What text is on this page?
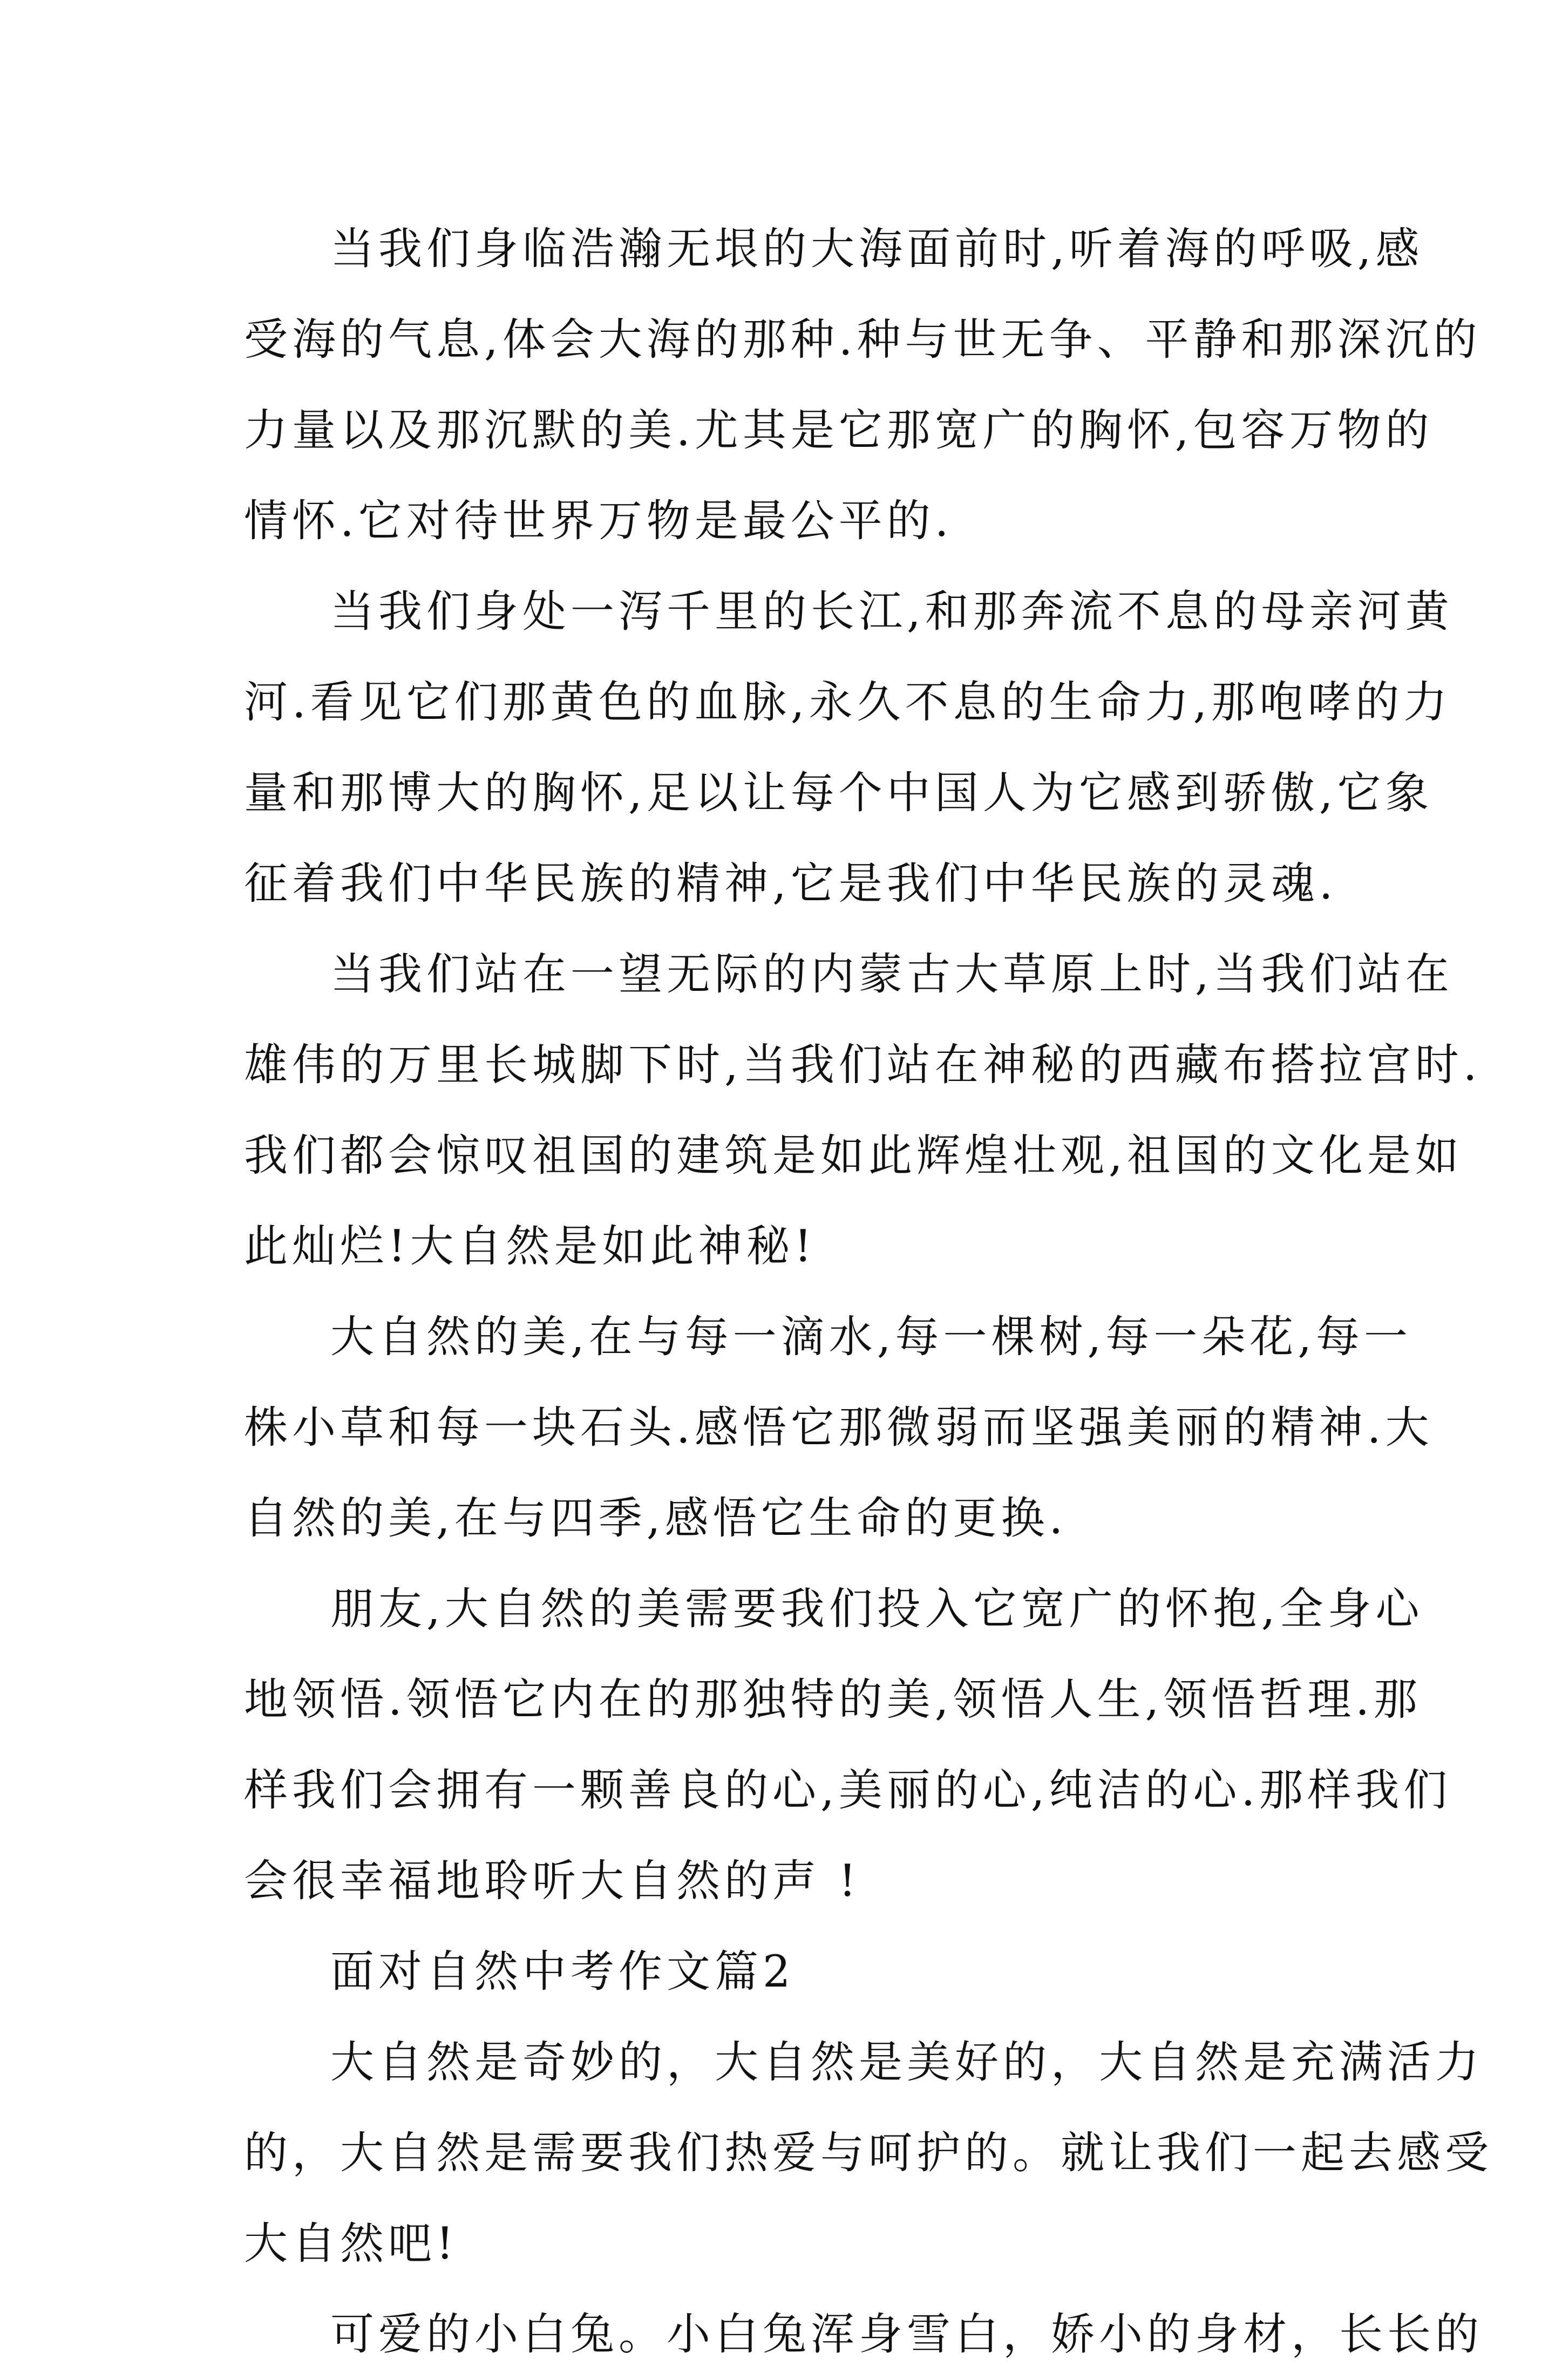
当我们身临浩瀚无垠的大海面前时,听着海的呼吸,感
受海的气息,体会大海的那种.种与世无争、平静和那深沉的
力量以及那沉默的美.尤其是它那宽广的胸怀,包容万物的
情怀.它对待世界万物是最公平的.
当我们身处一泻千里的长江,和那奔流不息的母亲河黄
河.看见它们那黄色的血脉,永久不息的生命力,那咆哮的力
量和那博大的胸怀,足以让每个中国人为它感到骄傲,它象
征着我们中华民族的精神,它是我们中华民族的灵魂.
当我们站在一望无际的内蒙古大草原上时,当我们站在
雄伟的万里长城脚下时,当我们站在神秘的西藏布搭拉宫时.
我们都会惊叹祖国的建筑是如此辉煌壮观,祖国的文化是如
此灿烂!大自然是如此神秘!
大自然的美,在与每一滴水,每一棵树,每一朵花,每一
株小草和每一块石头.感悟它那微弱而坚强美丽的精神.大
自然的美,在与四季,感悟它生命的更换.
朋友,大自然的美需要我们投入它宽广的怀抱,全身心
地领悟.领悟它内在的那独特的美,领悟人生,领悟哲理.那
样我们会拥有一颗善良的心,美丽的心,纯洁的心.那样我们
会很幸福地聆听大自然的声 !
面对自然中考作文篇2
大自然是奇妙的，大自然是美好的，大自然是充满活力
的，大自然是需要我们热爱与呵护的。就让我们一起去感受
大自然吧!
可爱的小白兔。小白兔浑身雪白，娇小的身材，长长的
